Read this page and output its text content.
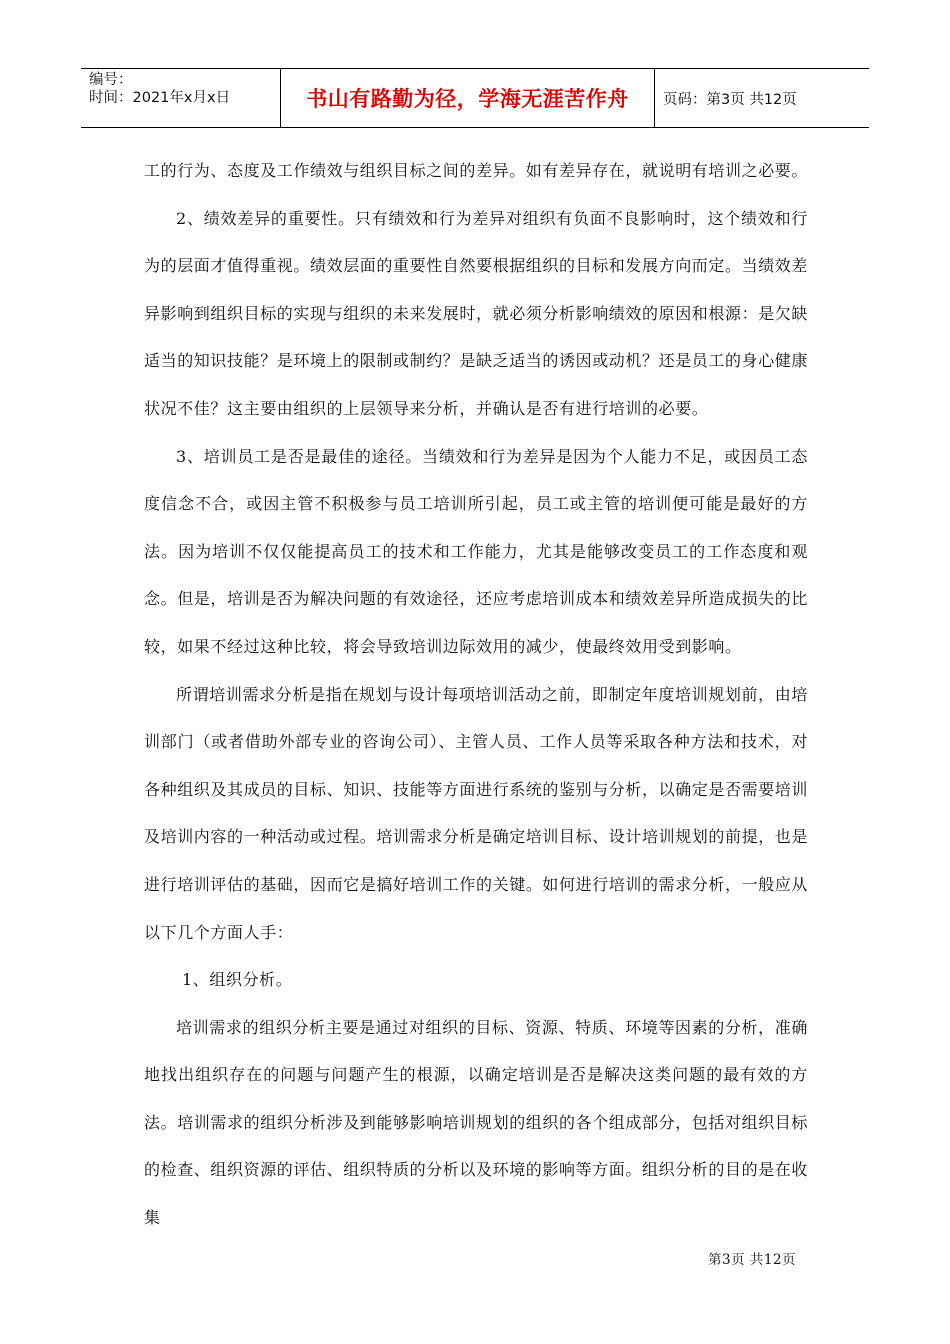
编号：
时间：2021年x月x日	书山有路勤为径，学海无涯苦作舟	页码：第3页 共12页

工的行为、态度及工作绩效与组织目标之间的差异。如有差异存在，就说明有培训之必要。

2、绩效差异的重要性。只有绩效和行为差异对组织有负面不良影响时，这个绩效和行为的层面才值得重视。绩效层面的重要性自然要根据组织的目标和发展方向而定。当绩效差异影响到组织目标的实现与组织的未来发展时，就必须分析影响绩效的原因和根源：是欠缺适当的知识技能？是环境上的限制或制约？是缺乏适当的诱因或动机？还是员工的身心健康状况不佳？这主要由组织的上层领导来分析，并确认是否有进行培训的必要。

3、培训员工是否是最佳的途径。当绩效和行为差异是因为个人能力不足，或因员工态度信念不合，或因主管不积极参与员工培训所引起，员工或主管的培训便可能是最好的方法。因为培训不仅仅能提高员工的技术和工作能力，尤其是能够改变员工的工作态度和观念。但是，培训是否为解决问题的有效途径，还应考虑培训成本和绩效差异所造成损失的比较，如果不经过这种比较，将会导致培训边际效用的减少，使最终效用受到影响。

所谓培训需求分析是指在规划与设计每项培训活动之前，即制定年度培训规划前，由培训部门（或者借助外部专业的咨询公司）、主管人员、工作人员等采取各种方法和技术，对各种组织及其成员的目标、知识、技能等方面进行系统的鉴别与分析，以确定是否需要培训及培训内容的一种活动或过程。培训需求分析是确定培训目标、设计培训规划的前提，也是进行培训评估的基础，因而它是搞好培训工作的关键。如何进行培训的需求分析，一般应从以下几个方面人手：

1、组织分析。

培训需求的组织分析主要是通过对组织的目标、资源、特质、环境等因素的分析，准确地找出组织存在的问题与问题产生的根源，以确定培训是否是解决这类问题的最有效的方法。培训需求的组织分析涉及到能够影响培训规划的组织的各个组成部分，包括对组织目标的检查、组织资源的评估、组织特质的分析以及环境的影响等方面。组织分析的目的是在收集

第3页 共12页
